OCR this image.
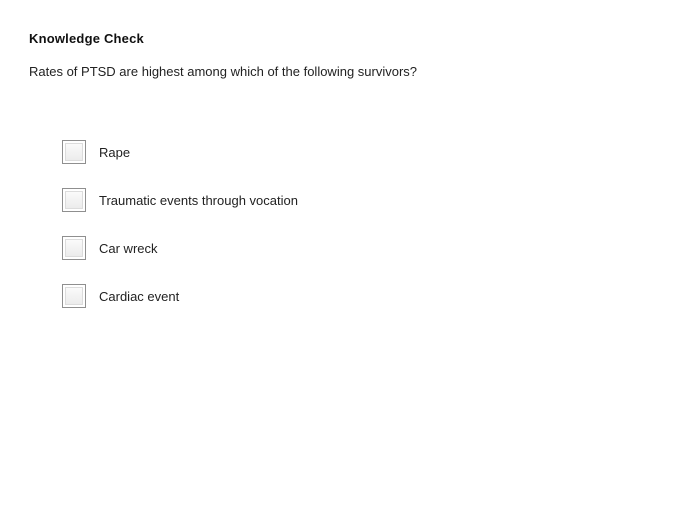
Knowledge Check
Rates of PTSD are highest among which of the following survivors?
Rape
Traumatic events through vocation
Car wreck
Cardiac event
